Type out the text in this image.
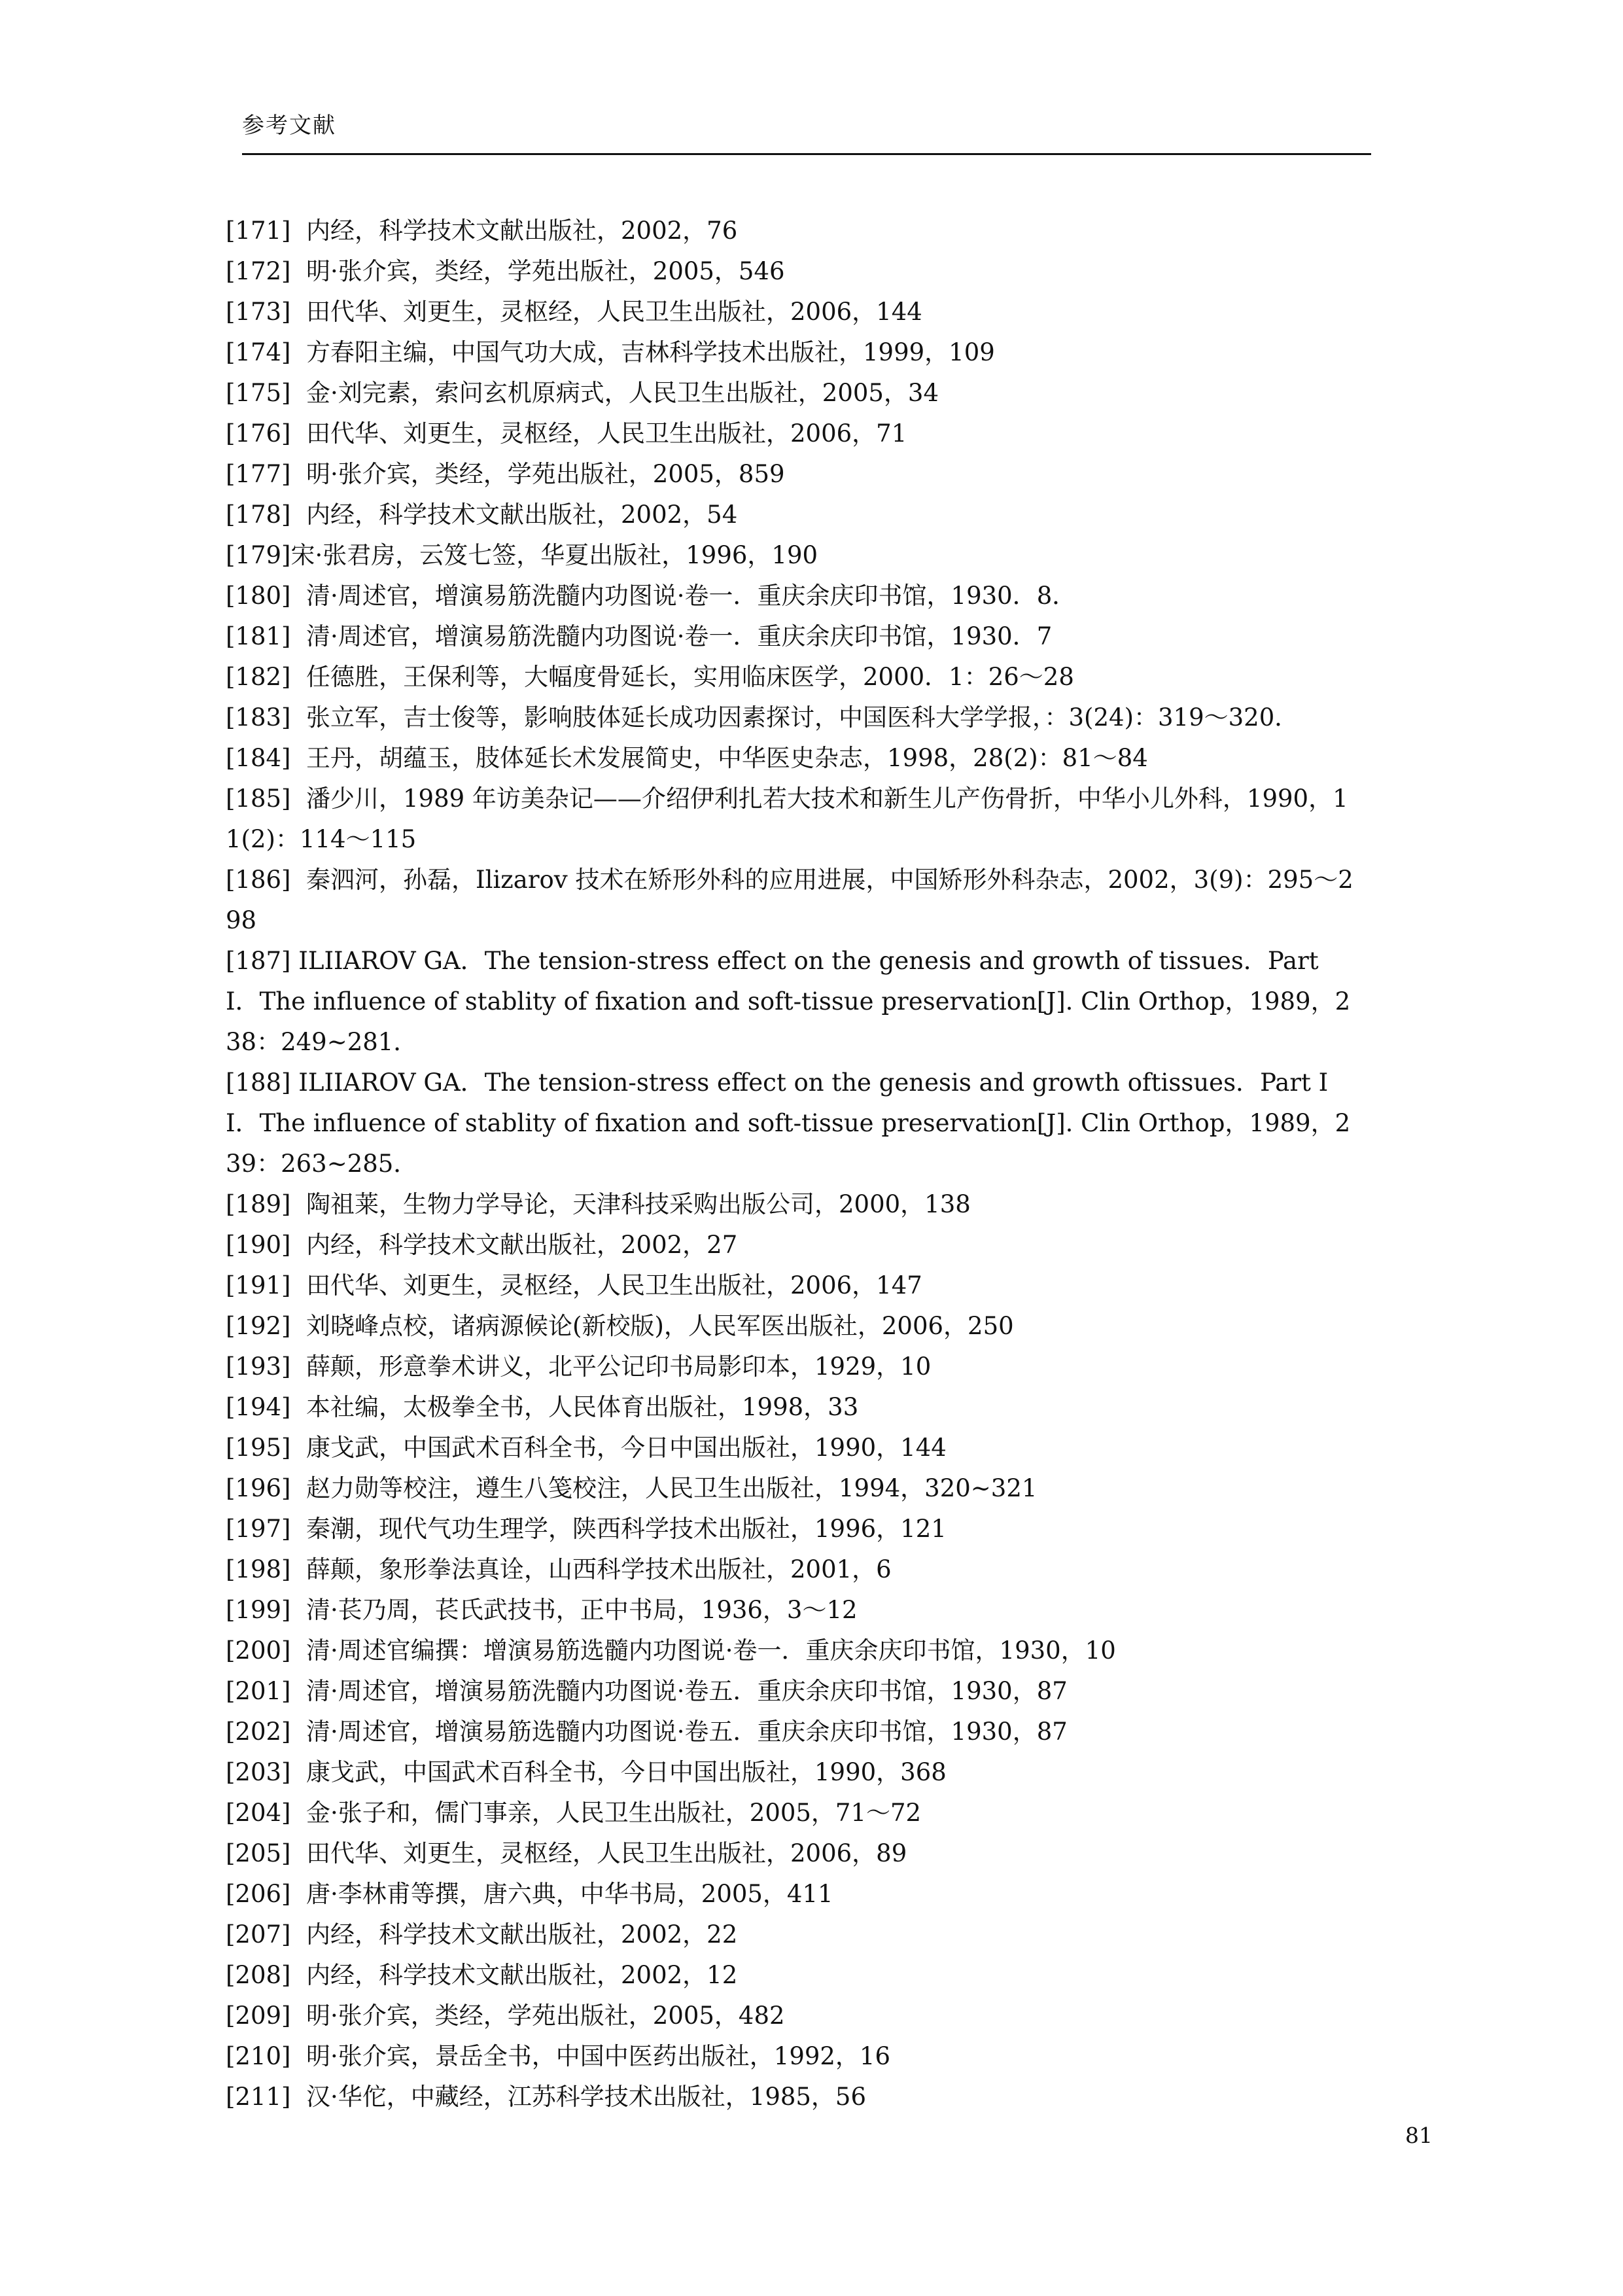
参考文献
[171]  内经，科学技术文献出版社，2002，76
[172]  明·张介宾，类经，学苑出版社，2005，546
[173]  田代华、刘更生，灵枢经，人民卫生出版社，2006，144
[174]  方春阳主编，中国气功大成，吉林科学技术出版社，1999，109
[175]  金·刘完素，索问玄机原病式，人民卫生出版社，2005，34
[176]  田代华、刘更生，灵枢经，人民卫生出版社，2006，71
[177]  明·张介宾，类经，学苑出版社，2005，859
[178]  内经，科学技术文献出版社，2002，54
[179]宋·张君房，云笈七签，华夏出版社，1996，190
[180]  清·周述官，增演易筋洗髓内功图说·卷一．重庆余庆印书馆，1930．8．
[181]  清·周述官，增演易筋洗髓内功图说·卷一．重庆余庆印书馆，1930．7
[182]  任德胜，王保利等，大幅度骨延长，实用临床医学，2000．1：26～28
[183]  张立军，吉士俊等，影响肢体延长成功因素探讨，中国医科大学学报，：3(24)：319～320．
[184]  王丹，胡蕴玉，肢体延长术发展简史，中华医史杂志，1998，28(2)：81～84
[185]  潘少川，1989 年访美杂记——介绍伊利扎若大技术和新生儿产伤骨折，中华小儿外科，1990，11(2)：114～115
[186]  秦泗河，孙磊，Ilizarov 技术在矫形外科的应用进展，中国矫形外科杂志，2002，3(9)：295～298
[187] ILIIAROV GA．The tension-stress effect on the genesis and growth of tissues．Part I．The influence of stablity of fixation and soft-tissue preservation[J]. Clin Orthop，1989，238：249~281．
[188] ILIIAROV GA．The tension-stress effect on the genesis and growth oftissues．Part II．The influence of stablity of fixation and soft-tissue preservation[J]. Clin Orthop，1989，239：263~285．
[189]  陶祖莱，生物力学导论，天津科技采购出版公司，2000，138
[190]  内经，科学技术文献出版社，2002，27
[191]  田代华、刘更生，灵枢经，人民卫生出版社，2006，147
[192]  刘晓峰点校，诸病源候论(新校版)，人民军医出版社，2006，250
[193]  薛颠，形意拳术讲义，北平公记印书局影印本，1929，10
[194]  本社编，太极拳全书，人民体育出版社，1998，33
[195]  康戈武，中国武术百科全书，今日中国出版社，1990，144
[196]  赵力勋等校注，遵生八笺校注，人民卫生出版社，1994，320~321
[197]  秦潮，现代气功生理学，陕西科学技术出版社，1996，121
[198]  薛颠，象形拳法真诠，山西科学技术出版社，2001，6
[199]  清·苌乃周，苌氏武技书，正中书局，1936，3～12
[200]  清·周述官编撰：增演易筋选髓内功图说·卷一．重庆余庆印书馆，1930，10
[201]  清·周述官，增演易筋洗髓内功图说·卷五．重庆余庆印书馆，1930，87
[202]  清·周述官，增演易筋选髓内功图说·卷五．重庆余庆印书馆，1930，87
[203]  康戈武，中国武术百科全书，今日中国出版社，1990，368
[204]  金·张子和，儒门事亲，人民卫生出版社，2005，71～72
[205]  田代华、刘更生，灵枢经，人民卫生出版社，2006，89
[206]  唐·李林甫等撰，唐六典，中华书局，2005，411
[207]  内经，科学技术文献出版社，2002，22
[208]  内经，科学技术文献出版社，2002，12
[209]  明·张介宾，类经，学苑出版社，2005，482
[210]  明·张介宾，景岳全书，中国中医药出版社，1992，16
[211]  汉·华佗，中藏经，江苏科学技术出版社，1985，56
81
